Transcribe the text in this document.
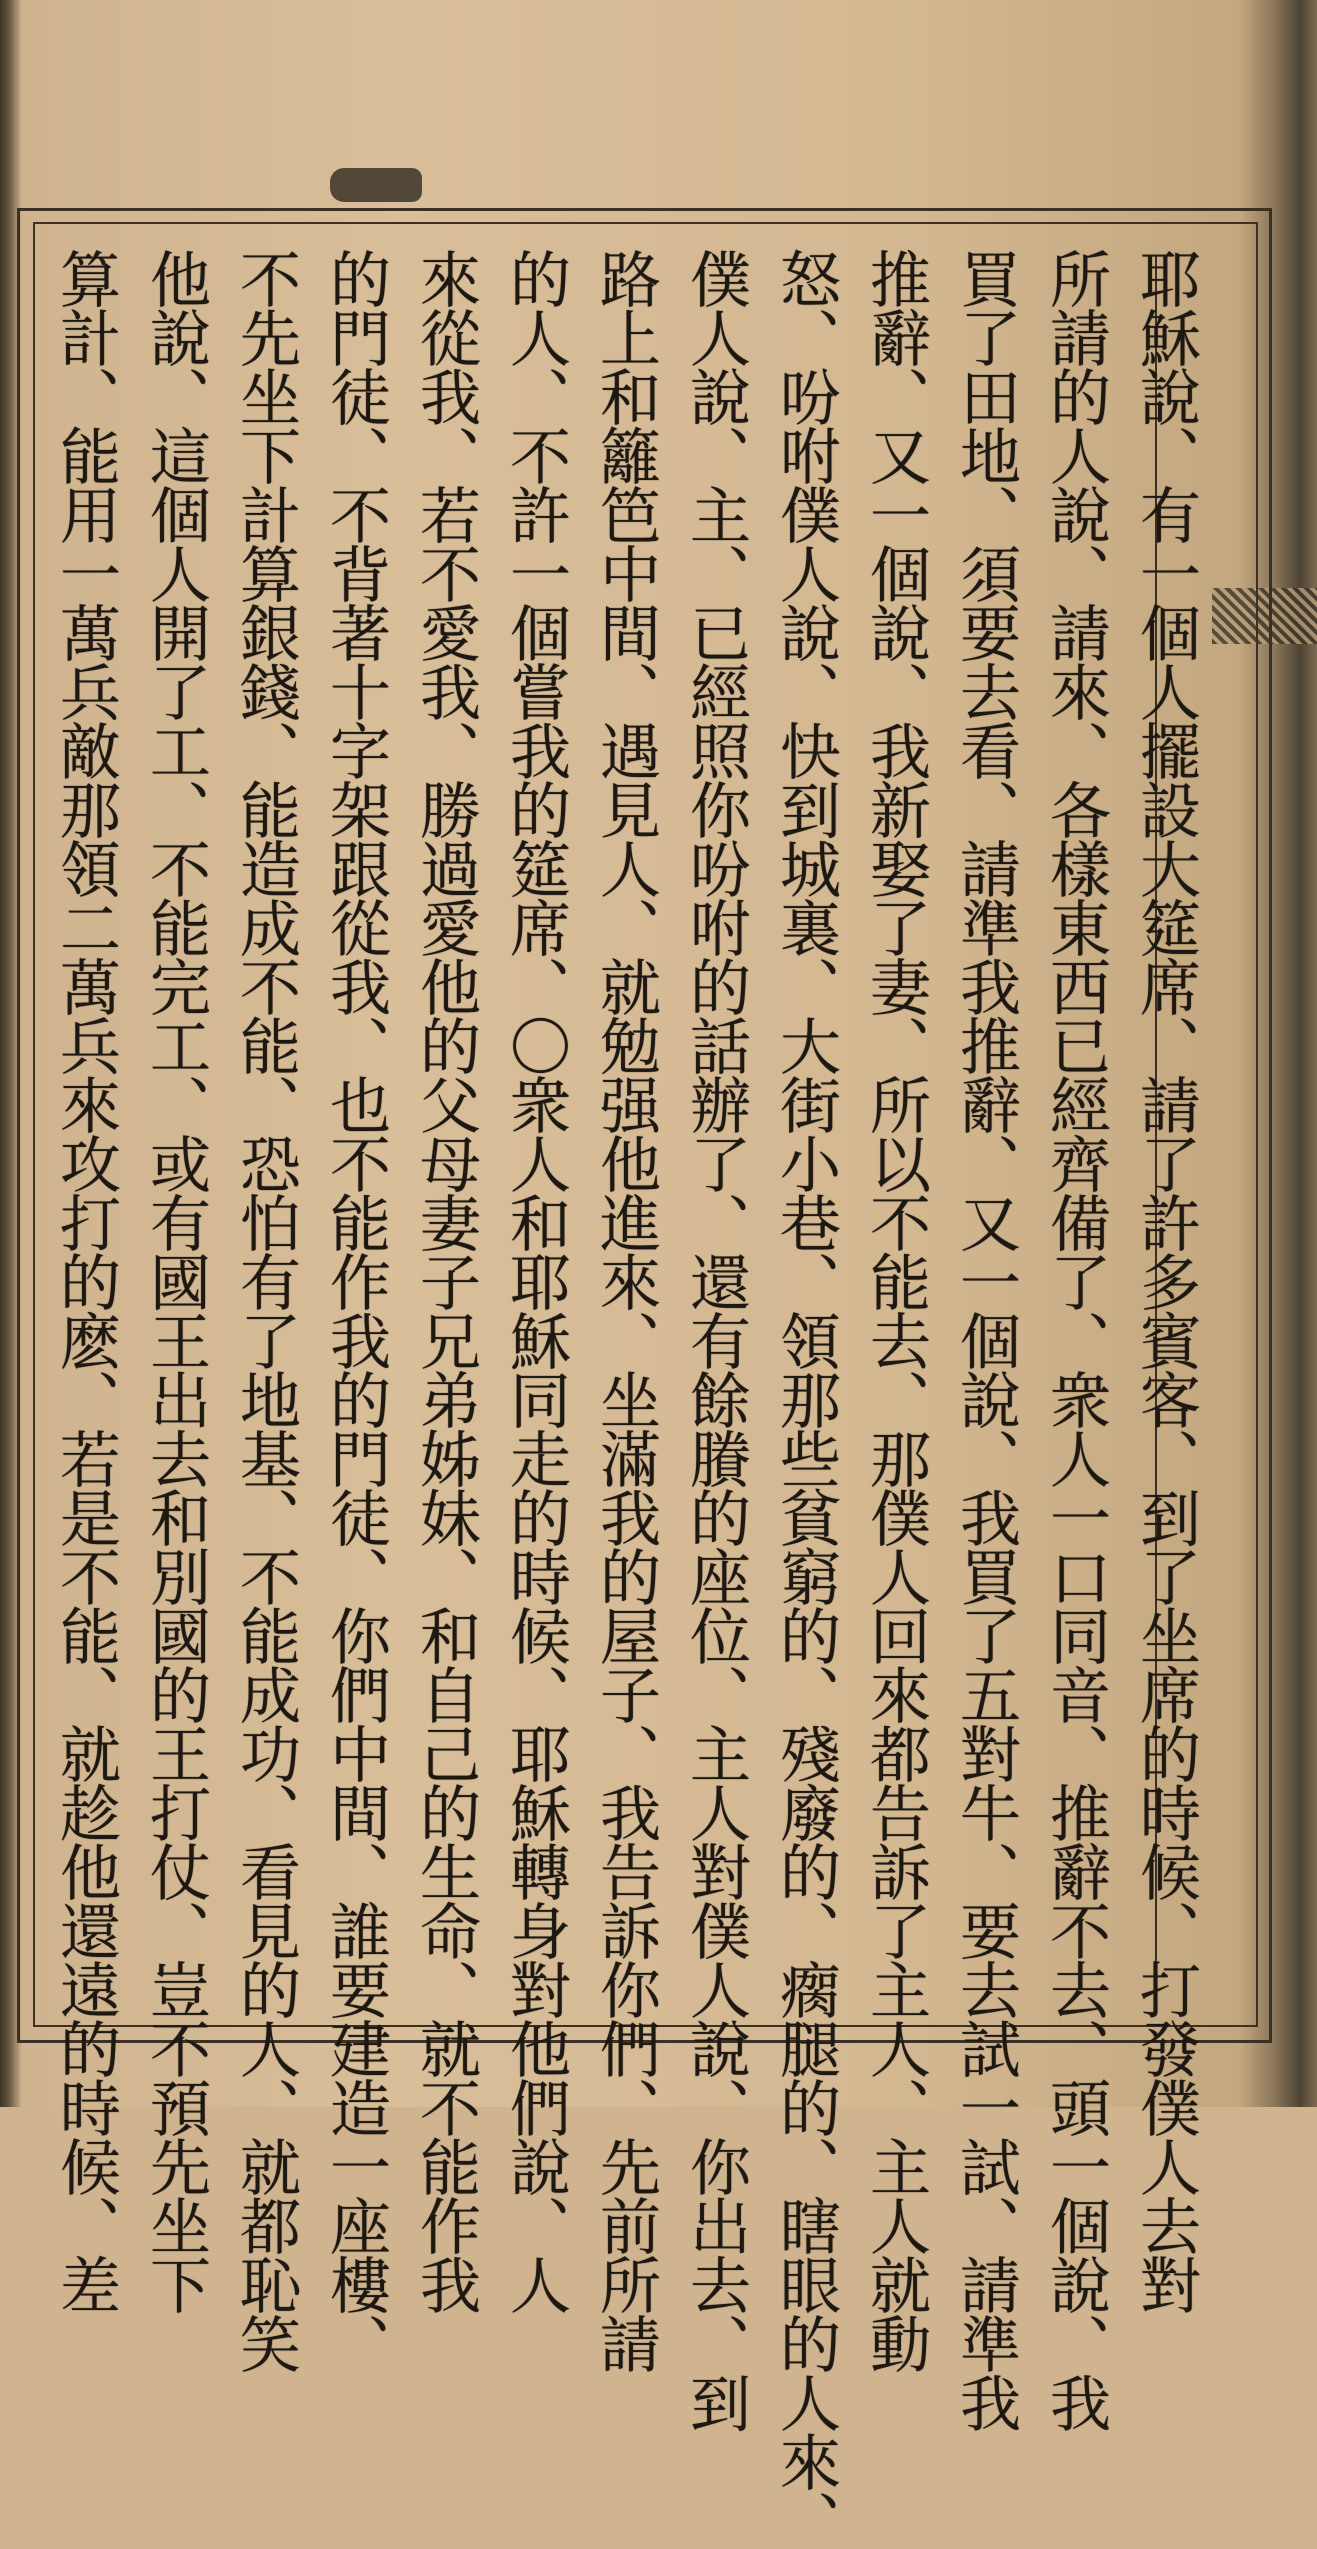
耶穌說、有一個人擺設大筵席、請了許多賓客、到了坐席的時候、打發僕人去對
所請的人說、請來、各樣東西已經齊備了、衆人一口同音、推辭不去、頭一個說、我
買了田地、須要去看、請準我推辭、又一個說、我買了五對牛、要去試一試、請準我
推辭、又一個說、我新娶了妻、所以不能去、那僕人回來都告訴了主人、主人就動
怒、吩咐僕人說、快到城裏、大街小巷、領那些貧窮的、殘廢的、瘸腿的、瞎眼的人來、
僕人說、主、已經照你吩咐的話辦了、還有餘賸的座位、主人對僕人說、你出去、到
路上和籬笆中間、遇見人、就勉强他進來、坐滿我的屋子、我告訴你們、先前所請
的人、不許一個嘗我的筵席、〇衆人和耶穌同走的時候、耶穌轉身對他們說、人
來從我、若不愛我、勝過愛他的父母妻子兄弟姊妹、和自己的生命、就不能作我
的門徒、不背著十字架跟從我、也不能作我的門徒、你們中間、誰要建造一座樓、
不先坐下計算銀錢、能造成不能、恐怕有了地基、不能成功、看見的人、就都恥笑
他說、這個人開了工、不能完工、或有國王出去和別國的王打仗、豈不預先坐下
算計、能用一萬兵敵那領二萬兵來攻打的麽、若是不能、就趁他還遠的時候、差
